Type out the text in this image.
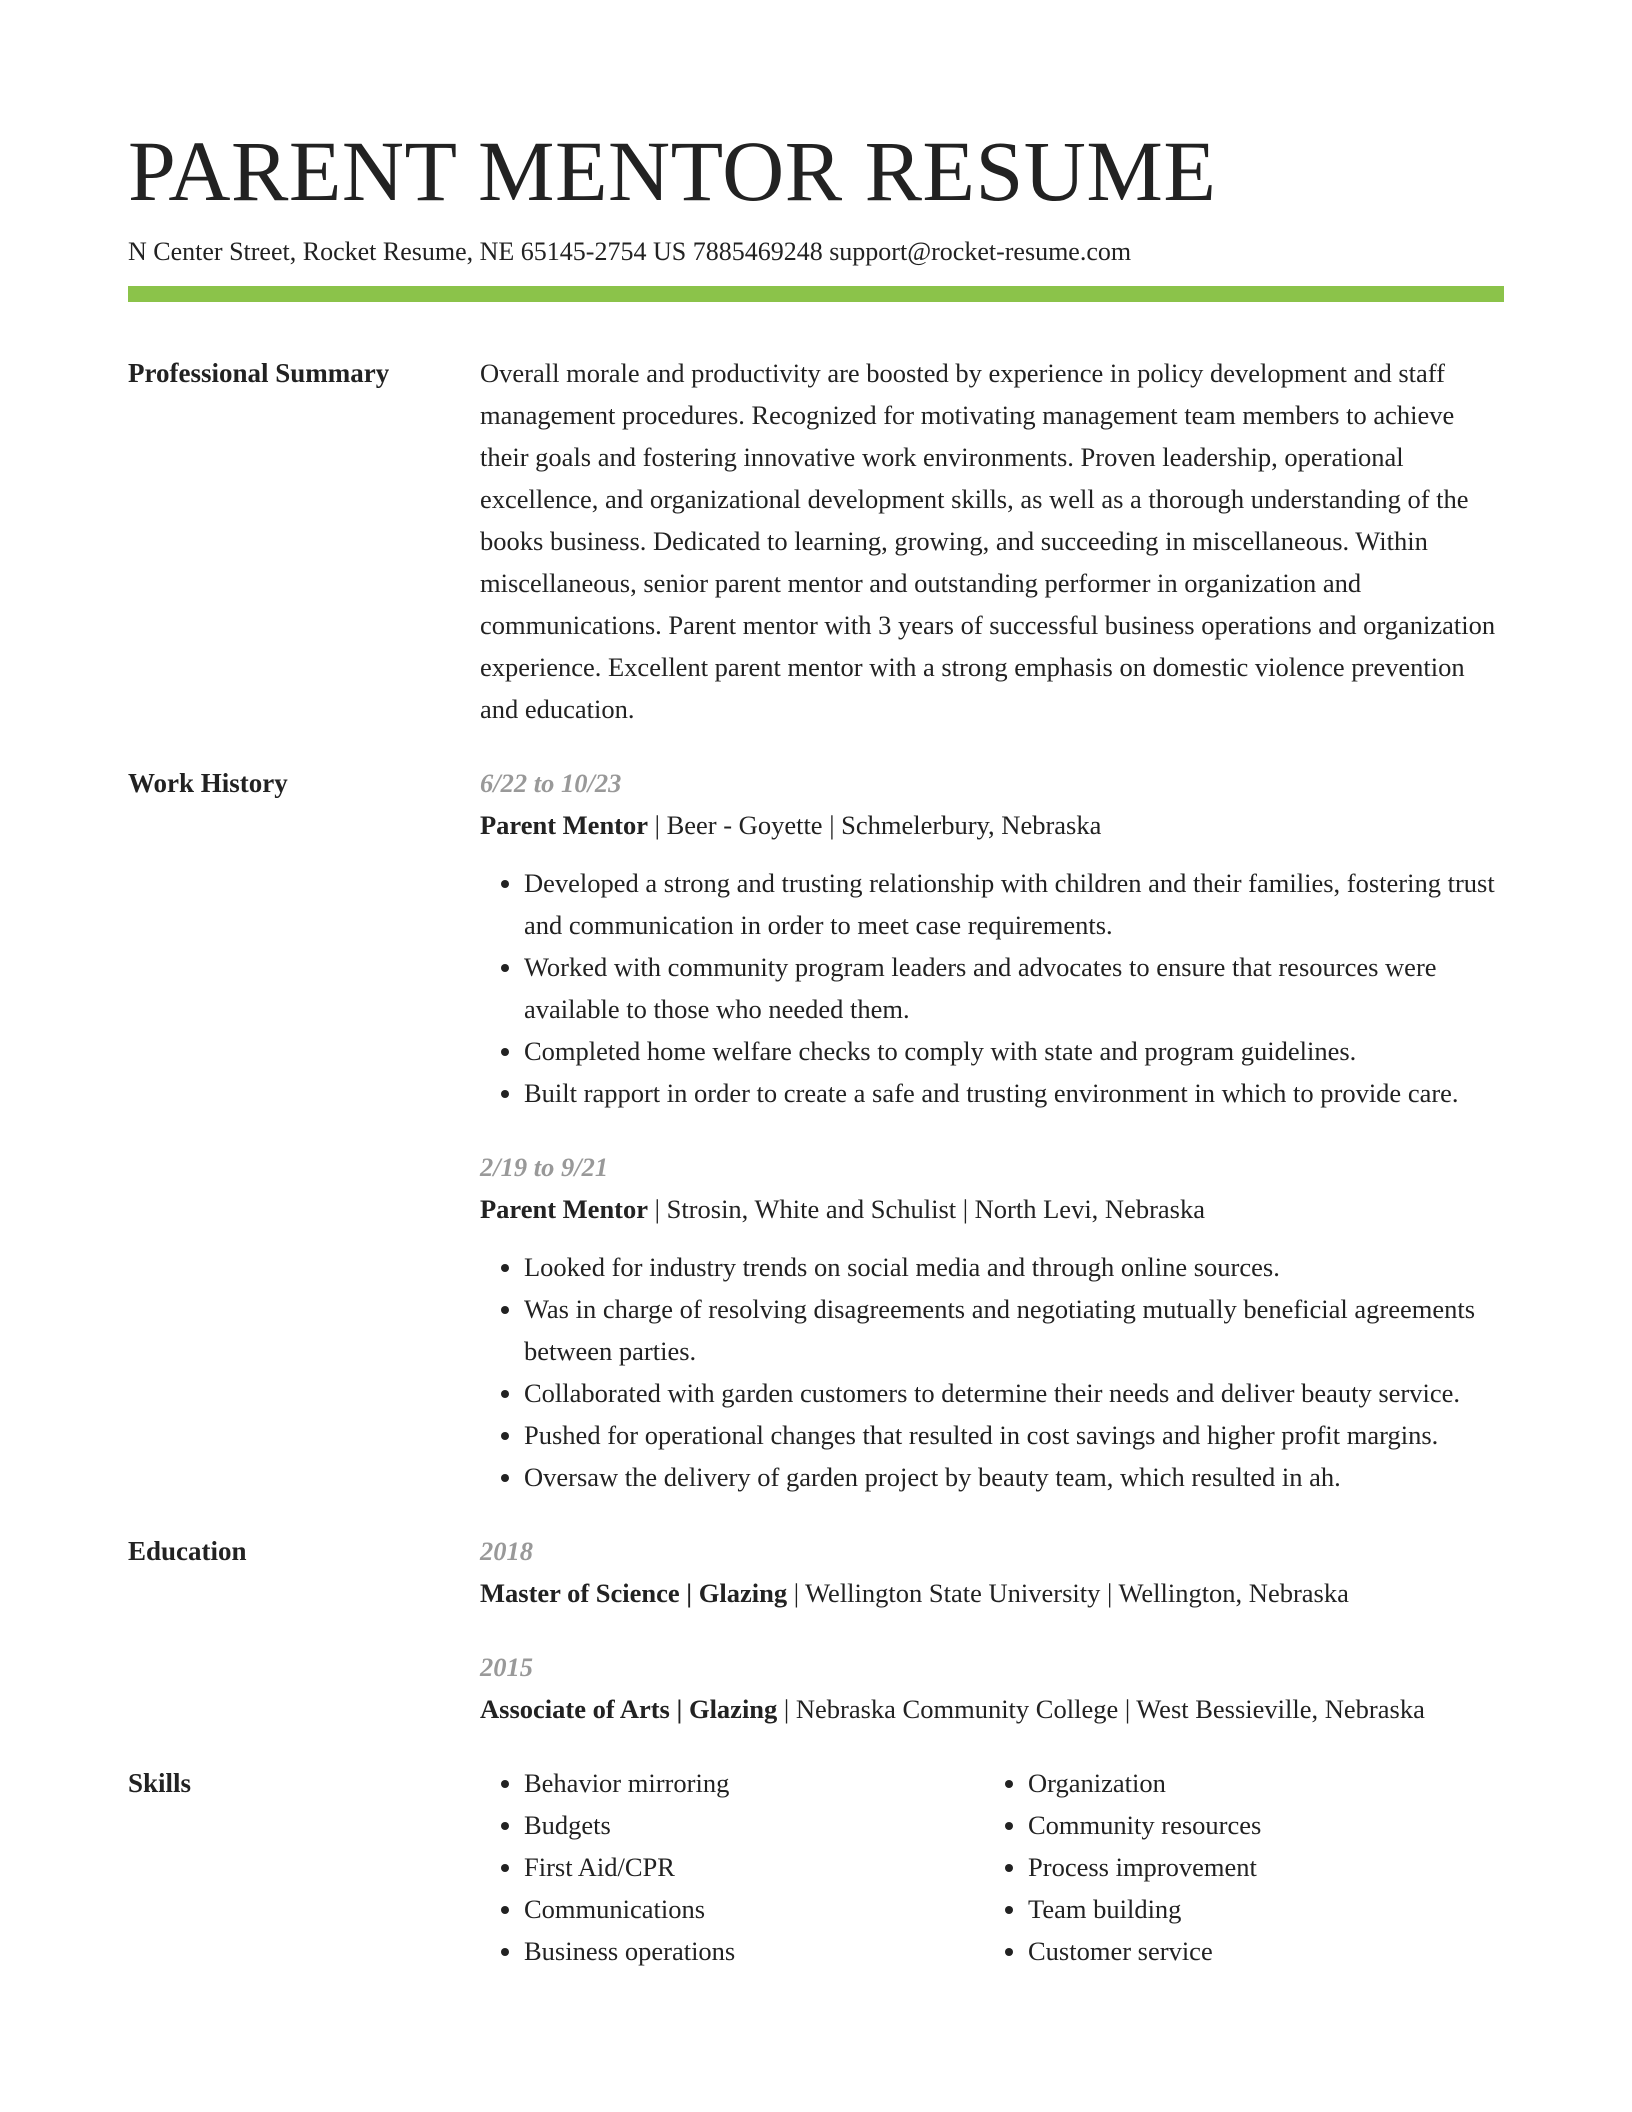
PARENT MENTOR RESUME
N Center Street, Rocket Resume, NE 65145-2754 US 7885469248 support@rocket-resume.com
Professional Summary	Overall morale and productivity are boosted by experience in policy development and staff management procedures. Recognized for motivating management team members to achieve their goals and fostering innovative work environments. Proven leadership, operational excellence, and organizational development skills, as well as a thorough understanding of the books business. Dedicated to learning, growing, and succeeding in miscellaneous. Within miscellaneous, senior parent mentor and outstanding performer in organization and communications. Parent mentor with 3 years of successful business operations and organization experience. Excellent parent mentor with a strong emphasis on domestic violence prevention and education.

Work History	6/22 to 10/23
Parent Mentor | Beer - Goyette | Schmelerbury, Nebraska
• Developed a strong and trusting relationship with children and their families, fostering trust and communication in order to meet case requirements.
• Worked with community program leaders and advocates to ensure that resources were available to those who needed them.
• Completed home welfare checks to comply with state and program guidelines.
• Built rapport in order to create a safe and trusting environment in which to provide care.
2/19 to 9/21
Parent Mentor | Strosin, White and Schulist | North Levi, Nebraska
• Looked for industry trends on social media and through online sources.
• Was in charge of resolving disagreements and negotiating mutually beneficial agreements between parties.
• Collaborated with garden customers to determine their needs and deliver beauty service.
• Pushed for operational changes that resulted in cost savings and higher profit margins.
• Oversaw the delivery of garden project by beauty team, which resulted in ah.
Education	2018
Master of Science | Glazing | Wellington State University | Wellington, Nebraska
2015
Associate of Arts | Glazing | Nebraska Community College | West Bessieville, Nebraska
Skills
•	Behavior mirroring
• Budgets
• First Aid/CPR
• Communications
• Business operations
• Organization
• Community resources
• Process improvement
• Team building
• Customer service
